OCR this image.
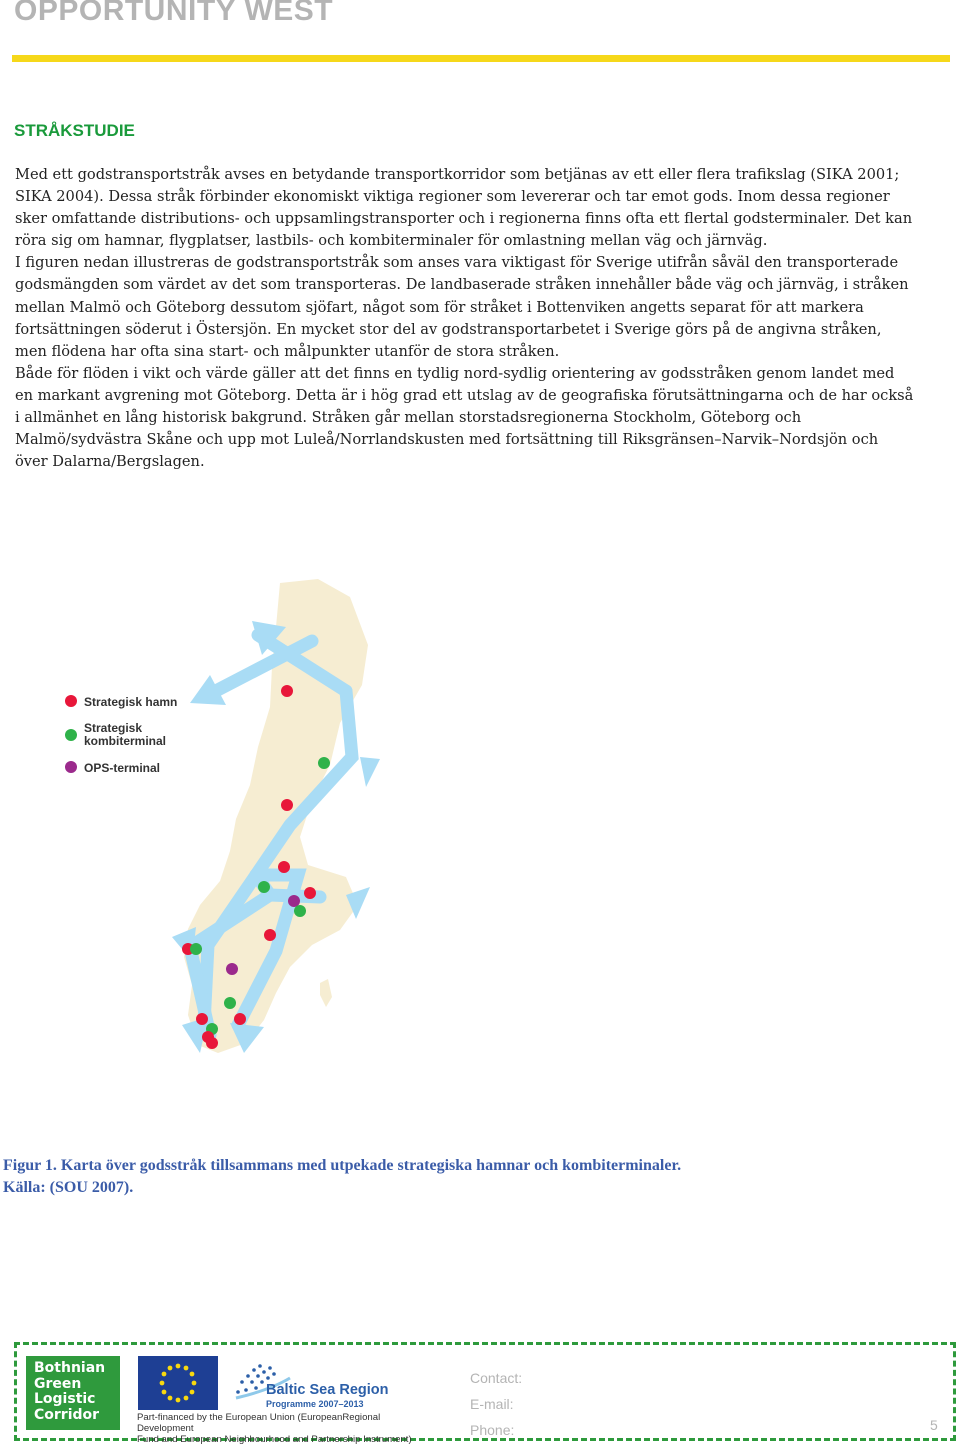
OPPORTUNITY WEST
STRÅKSTUDIE

Med ett godstransportstråk avses en betydande transportkorridor som betjänas av ett eller flera trafikslag (SIKA 2001; SIKA 2004). Dessa stråk förbinder ekonomiskt viktiga regioner som levererar och tar emot gods. Inom dessa regioner sker omfattande distributions- och uppsamlingstransporter och i regionerna finns ofta ett flertal godsterminaler. Det kan röra sig om hamnar, flygplatser, lastbils- och kombiterminaler för omlastning mellan väg och järnväg.

I figuren nedan illustreras de godstransportstråk som anses vara viktigast för Sverige utifrån såväl den transporterade godsmängden som värdet av det som transporteras. De landbaserade stråken innehåller både väg och järnväg, i stråken mellan Malmö och Göteborg dessutom sjöfart, något som för stråket i Bottenviken angetts separat för att markera fortsättningen söderut i Östersjön. En mycket stor del av godstransportarbetet i Sverige görs på de angivna stråken, men flödena har ofta sina start- och målpunkter utanför de stora stråken.

Både för flöden i vikt och värde gäller att det finns en tydlig nord-sydlig orientering av godsstråken genom landet med en markant avgrening mot Göteborg. Detta är i hög grad ett utslag av de geografiska förutsättningarna och de har också i allmänhet en lång historisk bakgrund. Stråken går mellan storstadsregionerna Stockholm, Göteborg och Malmö/sydvästra Skåne och upp mot Luleå/Norrlandskusten med fortsättning till Riksgränsen–Narvik–Nordsjön och över Dalarna/Bergslagen.

Strategisk hamn
Strategisk
kombiterminal
OPS-terminal
Figur 1. Karta över godsstråk tillsammans med utpekade strategiska hamnar och kombiterminaler.
Källa: (SOU 2007).
Bothnian
Green
Logistic
Corridor
Baltic Sea Region
Programme 2007–2013
Part-financed by the European Union (EuropeanRegional Development
Fund and European Neighbourhood and Partnership Instrument)
Contact:
E-mail:
Phone:	5
